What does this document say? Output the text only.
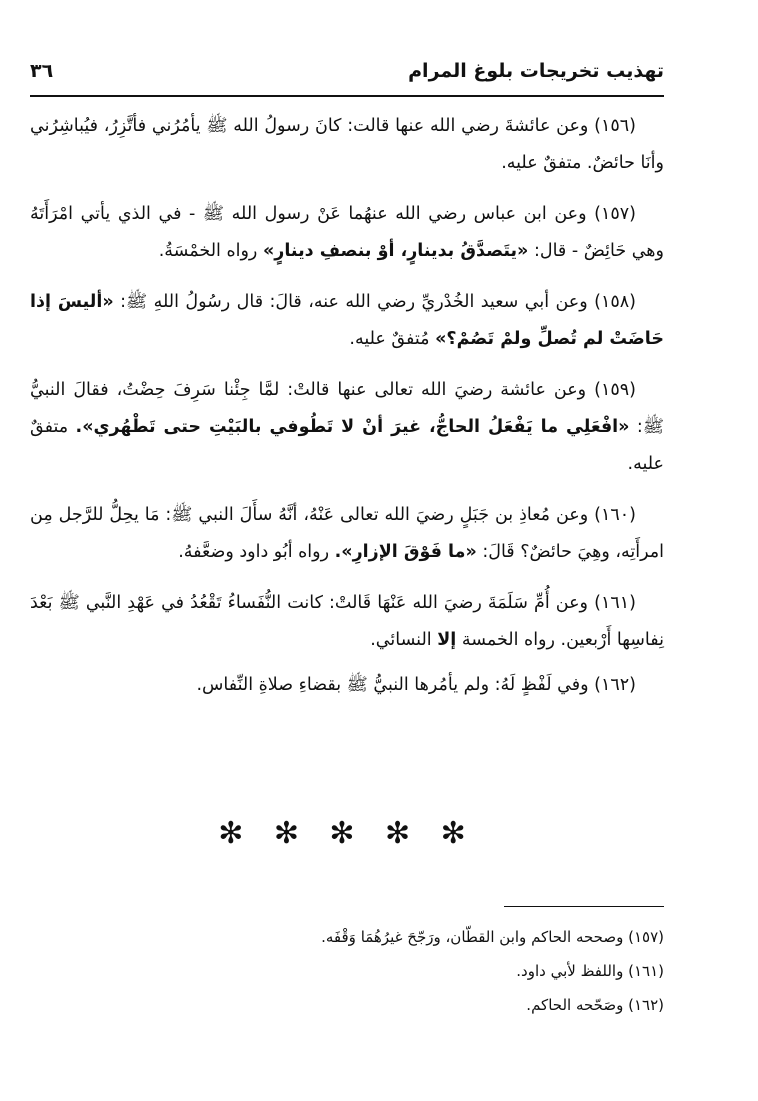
تهذيب تخريجات بلوغ المرام
٣٦

(١٥٦) وعن عائشةَ رضي الله عنها قالت: كانَ رسولُ الله ﷺ يأمُرُني فأتَّزِرُ، فيُباشِرُني وأنَا حائضٌ. متفقٌ عليه.

(١٥٧) وعن ابن عباس رضي الله عنهُما عَنْ رسول الله ﷺ - في الذي يأتي امْرَأَتَهُ وهي حَائِضٌ - قال: «يتَصدَّقُ بدينارٍ، أوْ بنصفِ دينارٍ» رواه الخمْسَةُ.

(١٥٨) وعن أبي سعيد الخُدْريِّ رضي الله عنه، قالَ: قال رسُولُ اللهِ ﷺ: «أليسَ إذا حَاضَتْ لم تُصلِّ ولمْ تَصُمْ؟» مُتفقٌ عليه.

(١٥٩) وعن عائشة رضيَ الله تعالى عنها قالتْ: لمَّا جِئْنا سَرِفَ حِضْتُ، فقالَ النبيُّ ﷺ: «افْعَلِي ما يَفْعَلُ الحاجُّ، غيرَ أنْ لا تَطُوفي بالبَيْتِ حتى تَطْهُري». متفقٌ عليه.

(١٦٠) وعن مُعاذِ بن جَبَلٍ رضيَ الله تعالى عَنْهُ، أنَّهُ سأَلَ النبي ﷺ: مَا يحِلُّ للرَّجل مِن امرأَتِه، وهِيَ حائضٌ؟ قَالَ: «ما فَوْقَ الإزارِ». رواه أبُو داود وضعَّفهُ.

(١٦١) وعن أُمِّ سَلَمَةَ رضيَ الله عَنْهَا قَالتْ: كانت النُّفَساءُ تَقْعُدُ في عَهْدِ النَّبي ﷺ بَعْدَ نِفاسِها أَرْبعين. رواه الخمسة إلا النسائي.

(١٦٢) وفي لَفْظٍ لَهُ: ولم يأمُرها النبيُّ ﷺ بقضاءِ صلاةِ النِّفاس.

✻ ✻ ✻ ✻ ✻

(١٥٧) وصححه الحاكم وابن القطّان، ورَجّحَ غيرُهُمَا وَقْفَه.

(١٦١) واللفظ لأبي داود.

(١٦٢) وصَحّحه الحاكم.
